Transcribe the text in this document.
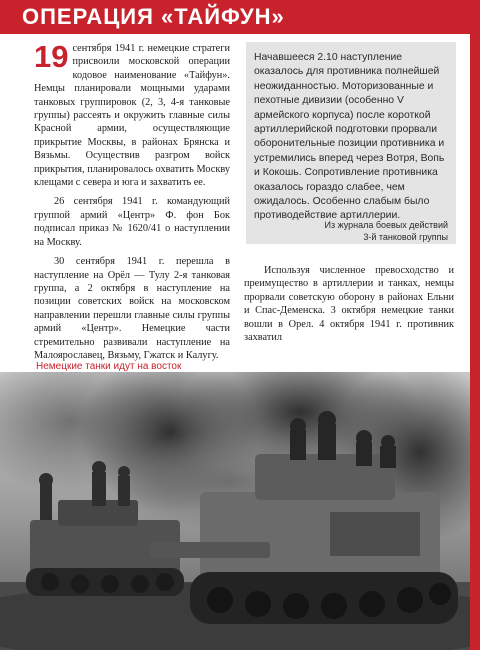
ОПЕРАЦИЯ «ТАЙФУН»

19 сентября 1941 г. немецкие стратеги присвоили московской операции кодовое наименование «Тайфун». Немцы планировали мощными ударами танковых группировок (2, 3, 4-я танковые группы) рассеять и окружить главные силы Красной армии, осуществляющие прикрытие Москвы, в районах Брянска и Вязьмы. Осуществив разгром войск прикрытия, планировалось охватить Москву клещами с севера и юга и захватить ее.

26 сентября 1941 г. командующий группой армий «Центр» Ф. фон Бок подписал приказ № 1620/41 о наступлении на Москву.

30 сентября 1941 г. перешла в наступление на Орёл — Тулу 2-я танковая группа, а 2 октября в наступление на позиции советских войск на московском направлении перешли главные силы группы армий «Центр». Немецкие части стремительно развивали наступление на Малоярославец, Вязьму, Гжатск и Калугу.

Начавшееся 2.10 наступление оказалось для противника полнейшей неожиданностью. Моторизованные и пехотные дивизии (особенно V армейского корпуса) после короткой артиллерийской подготовки прорвали оборонительные позиции противника и устремились вперед через Вотря, Вопь и Кокошь. Сопротивление противника оказалось гораздо слабее, чем ожидалось. Особенно слабым было противодействие артиллерии.
Из журнала боевых действий
3-й танковой группы
Используя численное превосходство и преимущество в артиллерии и танках, немцы прорвали советскую оборону в районах Ельни и Спас-Деменска. 3 октября немецкие танки вошли в Орел. 4 октября 1941 г. противник захватил
Немецкие танки идут на восток
